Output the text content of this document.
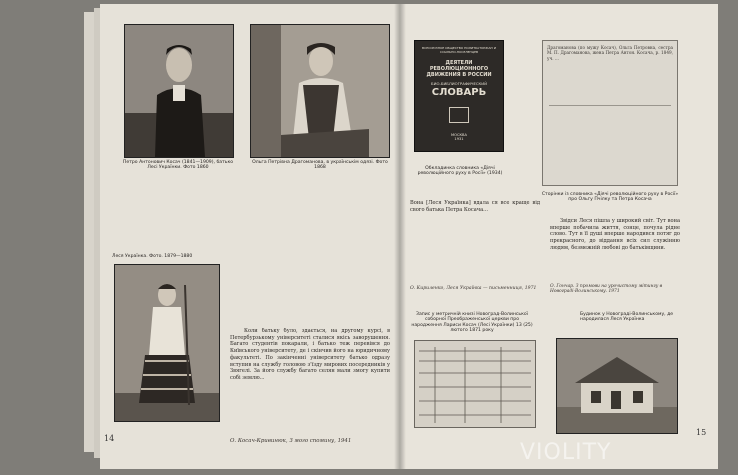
Петро Антонович Косач (1841—1909), батько Лесі Українки. Фото 1860

Ольга Петрівна Драгоманова, в українськім одязі. Фото 1868

Леся Українка. Фото. 1879—1880

Коли батьку було, здається, на другому курсі, в Петербурзькому університеті сталися якісь заворушення. Багато студентів покарали, і батько теж перевівся до Київського університету, де і скінчив його на юридичному факультеті. По закінченні університету батько одразу вступив на службу головою з'їзду мирових посередників у Звягелі. За його службу багато селян мали змогу купити собі землю...

14	О. Косач-Кривинюк, З мого спомину, 1941

ВСЕСОЮЗНОЕ ОБЩЕСТВО ПОЛИТКАТОРЖАН И ССЫЛЬНО-ПОСЕЛЕНЦЕВ

ДЕЯТЕЛИ РЕВОЛЮЦИОННОГО ДВИЖЕНИЯ В РОССИИ

БИО-БИБЛИОГРАФИЧЕСКИЙ

СЛОВАРЬ

МОСКВА

1931

Обкладинка словника «Діячі революційного руху в Росії» (1934)

Драгоманова (по мужу Косач), Ольга Петровна, сестра М. П. Драгоманова, жена Петра Антон. Косача, р. 1849, уч. ...

Сторінки із словника «Діячі революційного руху в Росії» про Ольгу Пчілку та Петра Косача

Вона [Леся Українка] вдала ся все краще від свого батька Петра Косача...

О. Кириленко, Леся Українка — письменниця, 1971

Звідси Леся пішла у широкий світ. Тут вона вперше побачила життя, сонце, почула рідне слово. Тут в її душі вперше народився потяг до прекрасного, до віддання всіх сил служінню людям, безмежній любові до батьківщини.

О. Гончар. З промови на урочистому мітингу в Новограді-Волинському. 1971

Запис у метричній книзі Новоград-Волинської соборної Преображенської церкви про народження Лариси Косач (Лесі Українки) 13 (25) лютого 1871 року

Будинок у Новограді-Волинському, де народилася Леся Українка

15
VIOLITY
